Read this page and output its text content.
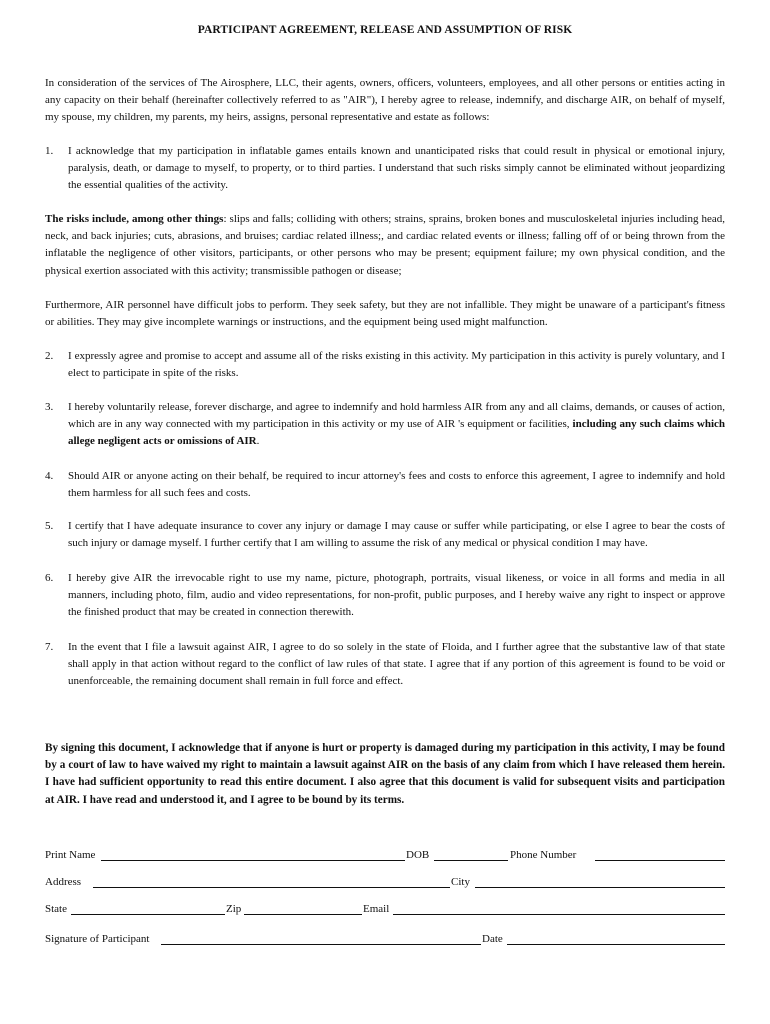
PARTICIPANT AGREEMENT, RELEASE AND ASSUMPTION OF RISK
In consideration of the services of The Airosphere, LLC, their agents, owners, officers, volunteers, employees, and all other persons or entities acting in any capacity on their behalf (hereinafter collectively referred to as "AIR"), I hereby agree to release, indemnify, and discharge AIR, on behalf of myself, my spouse, my children, my parents, my heirs, assigns, personal representative and estate as follows:
1. I acknowledge that my participation in inflatable games entails known and unanticipated risks that could result in physical or emotional injury, paralysis, death, or damage to myself, to property, or to third parties. I understand that such risks simply cannot be eliminated without jeopardizing the essential qualities of the activity.
The risks include, among other things: slips and falls; colliding with others; strains, sprains, broken bones and musculoskeletal injuries including head, neck, and back injuries; cuts, abrasions, and bruises; cardiac related illness;, and cardiac related events or illness; falling off of or being thrown from the inflatable the negligence of other visitors, participants, or other persons who may be present; equipment failure; my own physical condition, and the physical exertion associated with this activity; transmissible pathogen or disease;
Furthermore, AIR personnel have difficult jobs to perform. They seek safety, but they are not infallible. They might be unaware of a participant's fitness or abilities. They may give incomplete warnings or instructions, and the equipment being used might malfunction.
2. I expressly agree and promise to accept and assume all of the risks existing in this activity. My participation in this activity is purely voluntary, and I elect to participate in spite of the risks.
3. I hereby voluntarily release, forever discharge, and agree to indemnify and hold harmless AIR from any and all claims, demands, or causes of action, which are in any way connected with my participation in this activity or my use of AIR 's equipment or facilities, including any such claims which allege negligent acts or omissions of AIR.
4. Should AIR or anyone acting on their behalf, be required to incur attorney's fees and costs to enforce this agreement, I agree to indemnify and hold them harmless for all such fees and costs.
5. I certify that I have adequate insurance to cover any injury or damage I may cause or suffer while participating, or else I agree to bear the costs of such injury or damage myself. I further certify that I am willing to assume the risk of any medical or physical condition I may have.
6. I hereby give AIR the irrevocable right to use my name, picture, photograph, portraits, visual likeness, or voice in all forms and media in all manners, including photo, film, audio and video representations, for non-profit, public purposes, and I hereby waive any right to inspect or approve the finished product that may be created in connection therewith.
7. In the event that I file a lawsuit against AIR, I agree to do so solely in the state of Floida, and I further agree that the substantive law of that state shall apply in that action without regard to the conflict of law rules of that state. I agree that if any portion of this agreement is found to be void or unenforceable, the remaining document shall remain in full force and effect.
By signing this document, I acknowledge that if anyone is hurt or property is damaged during my participation in this activity, I may be found by a court of law to have waived my right to maintain a lawsuit against AIR on the basis of any claim from which I have released them herein. I have had sufficient opportunity to read this entire document. I also agree that this document is valid for subsequent visits and participation at AIR. I have read and understood it, and I agree to be bound by its terms.
Print Name	DOB	Phone Number
Address	City
State	Zip	Email
Signature of Participant	Date
